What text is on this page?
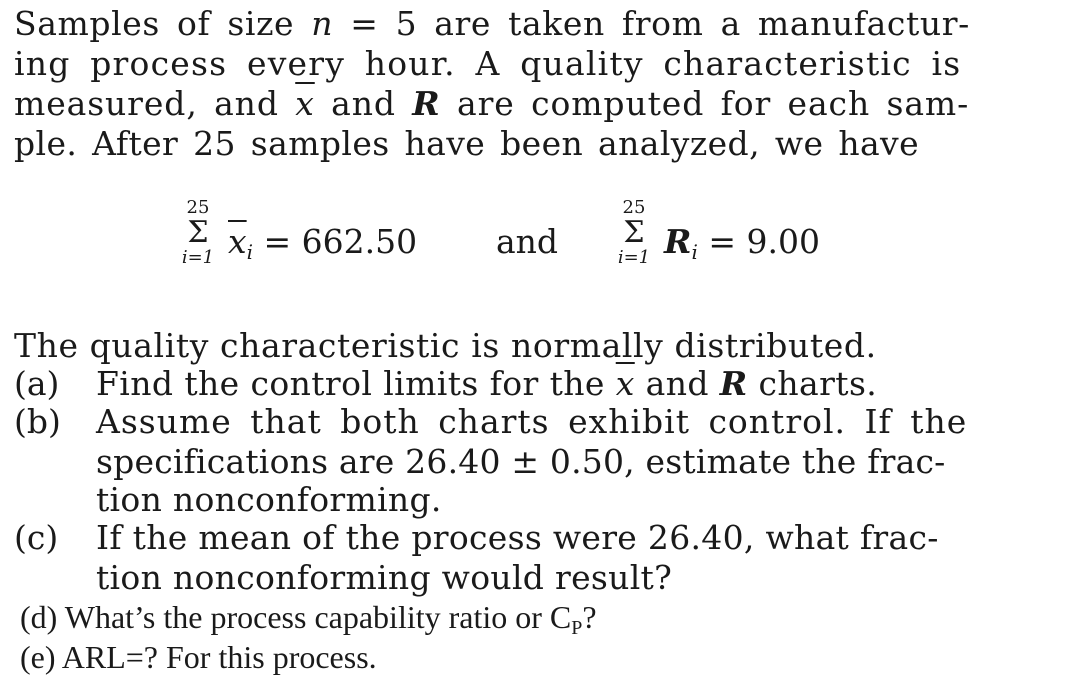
Samples of size n = 5 are taken from a manufactur-
ing process every hour. A quality characteristic is
measured, and $\overline{x}$ and R are computed for each sam-
ple. After 25 samples have been analyzed, we have
25
Σ
i=1 $\overline{x}_i = 662.50$ and
25
Σ
i=1 $R_i = 9.00$
The quality characteristic is normally distributed.
(a) Find the control limits for the $\overline{x}$ and R charts.
(b) Assume that both charts exhibit control. If the
specifications are 26.40 ± 0.50, estimate the frac-
tion nonconforming.
(c) If the mean of the process were 26.40, what frac-
tion nonconforming would result?
(d) What’s the process capability ratio or CP?
(e) ARL=? For this process.
